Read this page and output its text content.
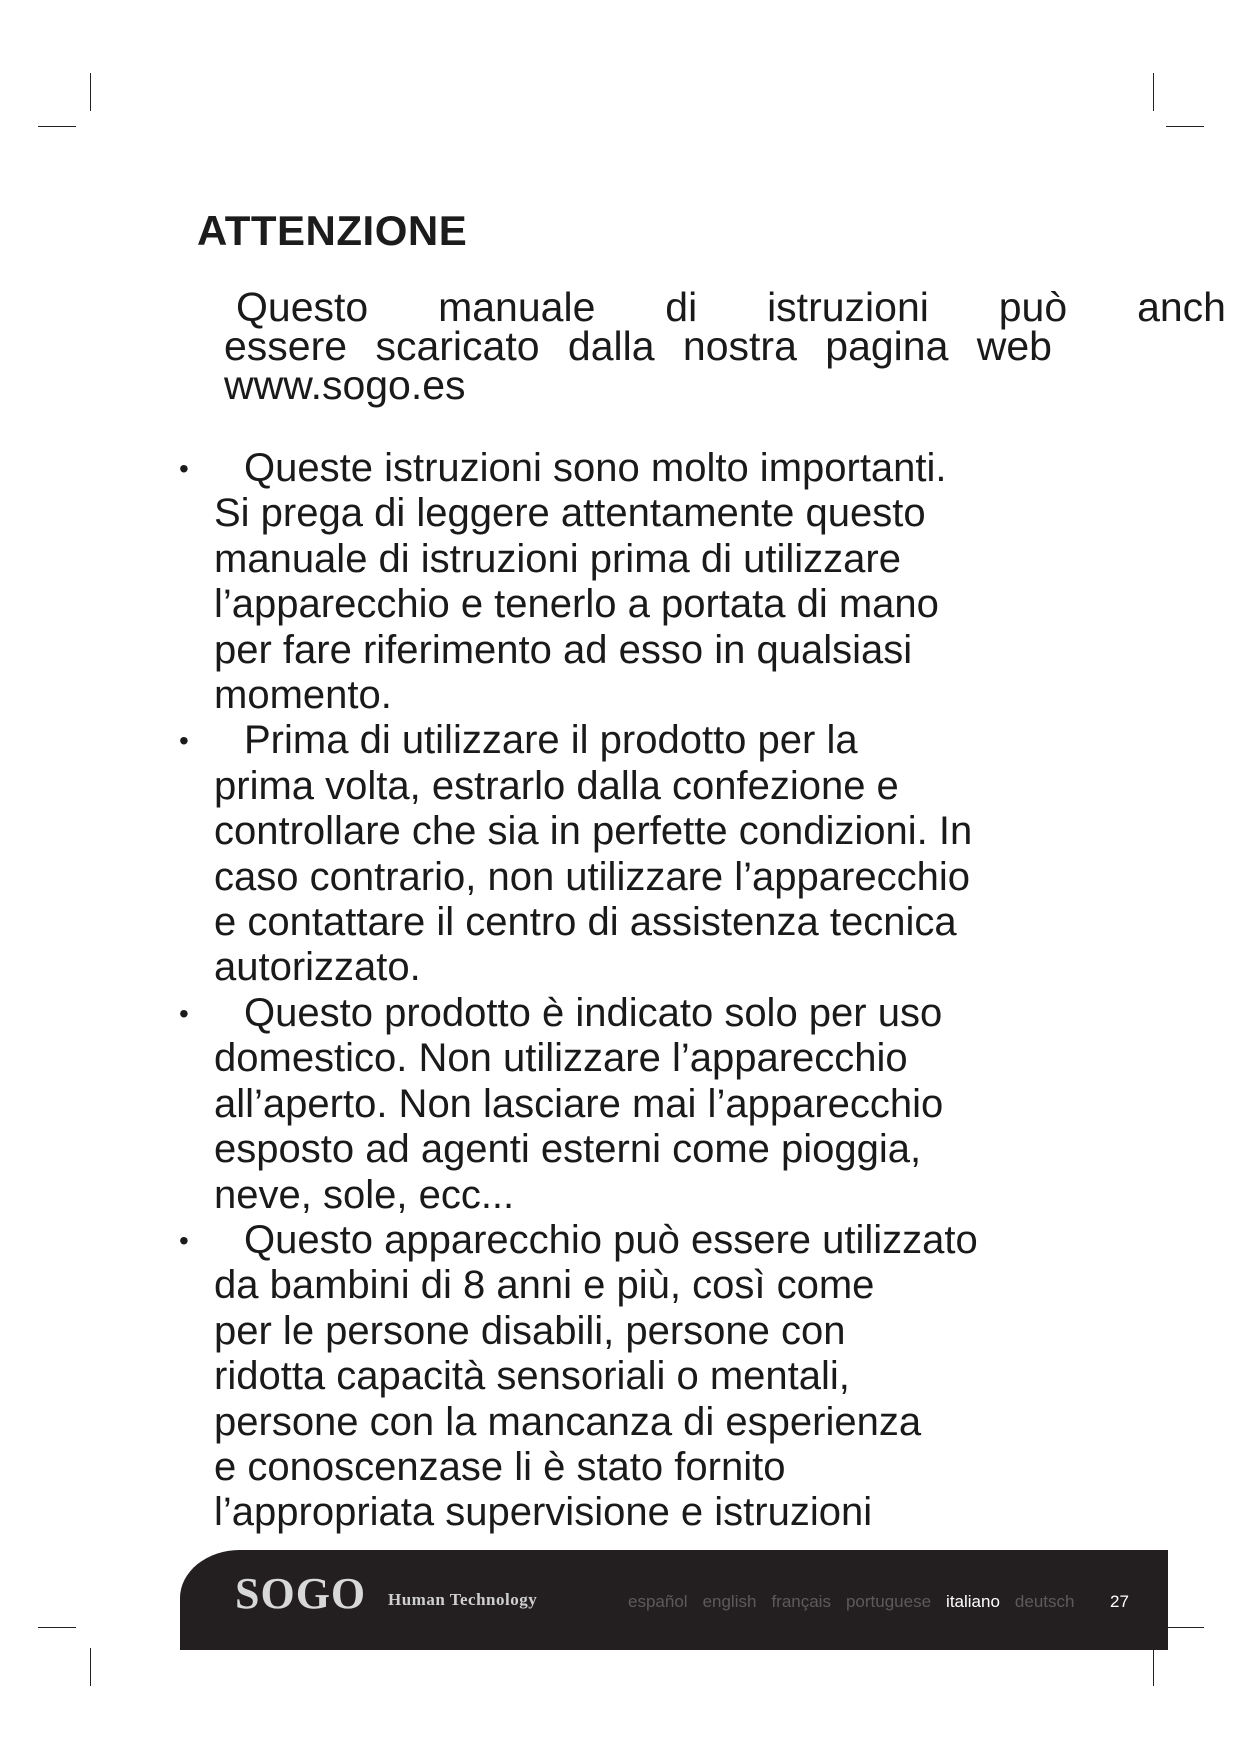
ATTENZIONE
Questo manuale di istruzioni può anch
essere scaricato dalla nostra pagina web
www.sogo.es
•	Queste istruzioni sono molto importanti.
Si prega di leggere attentamente questo
manuale di istruzioni prima di utilizzare
l’apparecchio e tenerlo a portata di mano
per fare riferimento ad esso in qualsiasi
momento.
•	Prima di utilizzare il prodotto per la
prima volta, estrarlo dalla confezione e
controllare che sia in perfette condizioni. In
caso contrario, non utilizzare l’apparecchio
e contattare il centro di assistenza tecnica
autorizzato.
•	Questo prodotto è indicato solo per uso
domestico. Non utilizzare l’apparecchio
all’aperto. Non lasciare mai l’apparecchio
esposto ad agenti esterni come pioggia,
neve, sole, ecc...
•	Questo apparecchio può essere utilizzato
da bambini di 8 anni e più, così come
per le persone disabili, persone con
ridotta capacità sensoriali o mentali,
persone con la mancanza di esperienza
e conoscenzase li è stato fornito
l’appropriata supervisione e istruzioni
SOGO Human Technology	español english français portuguese italiano deutsch 27
